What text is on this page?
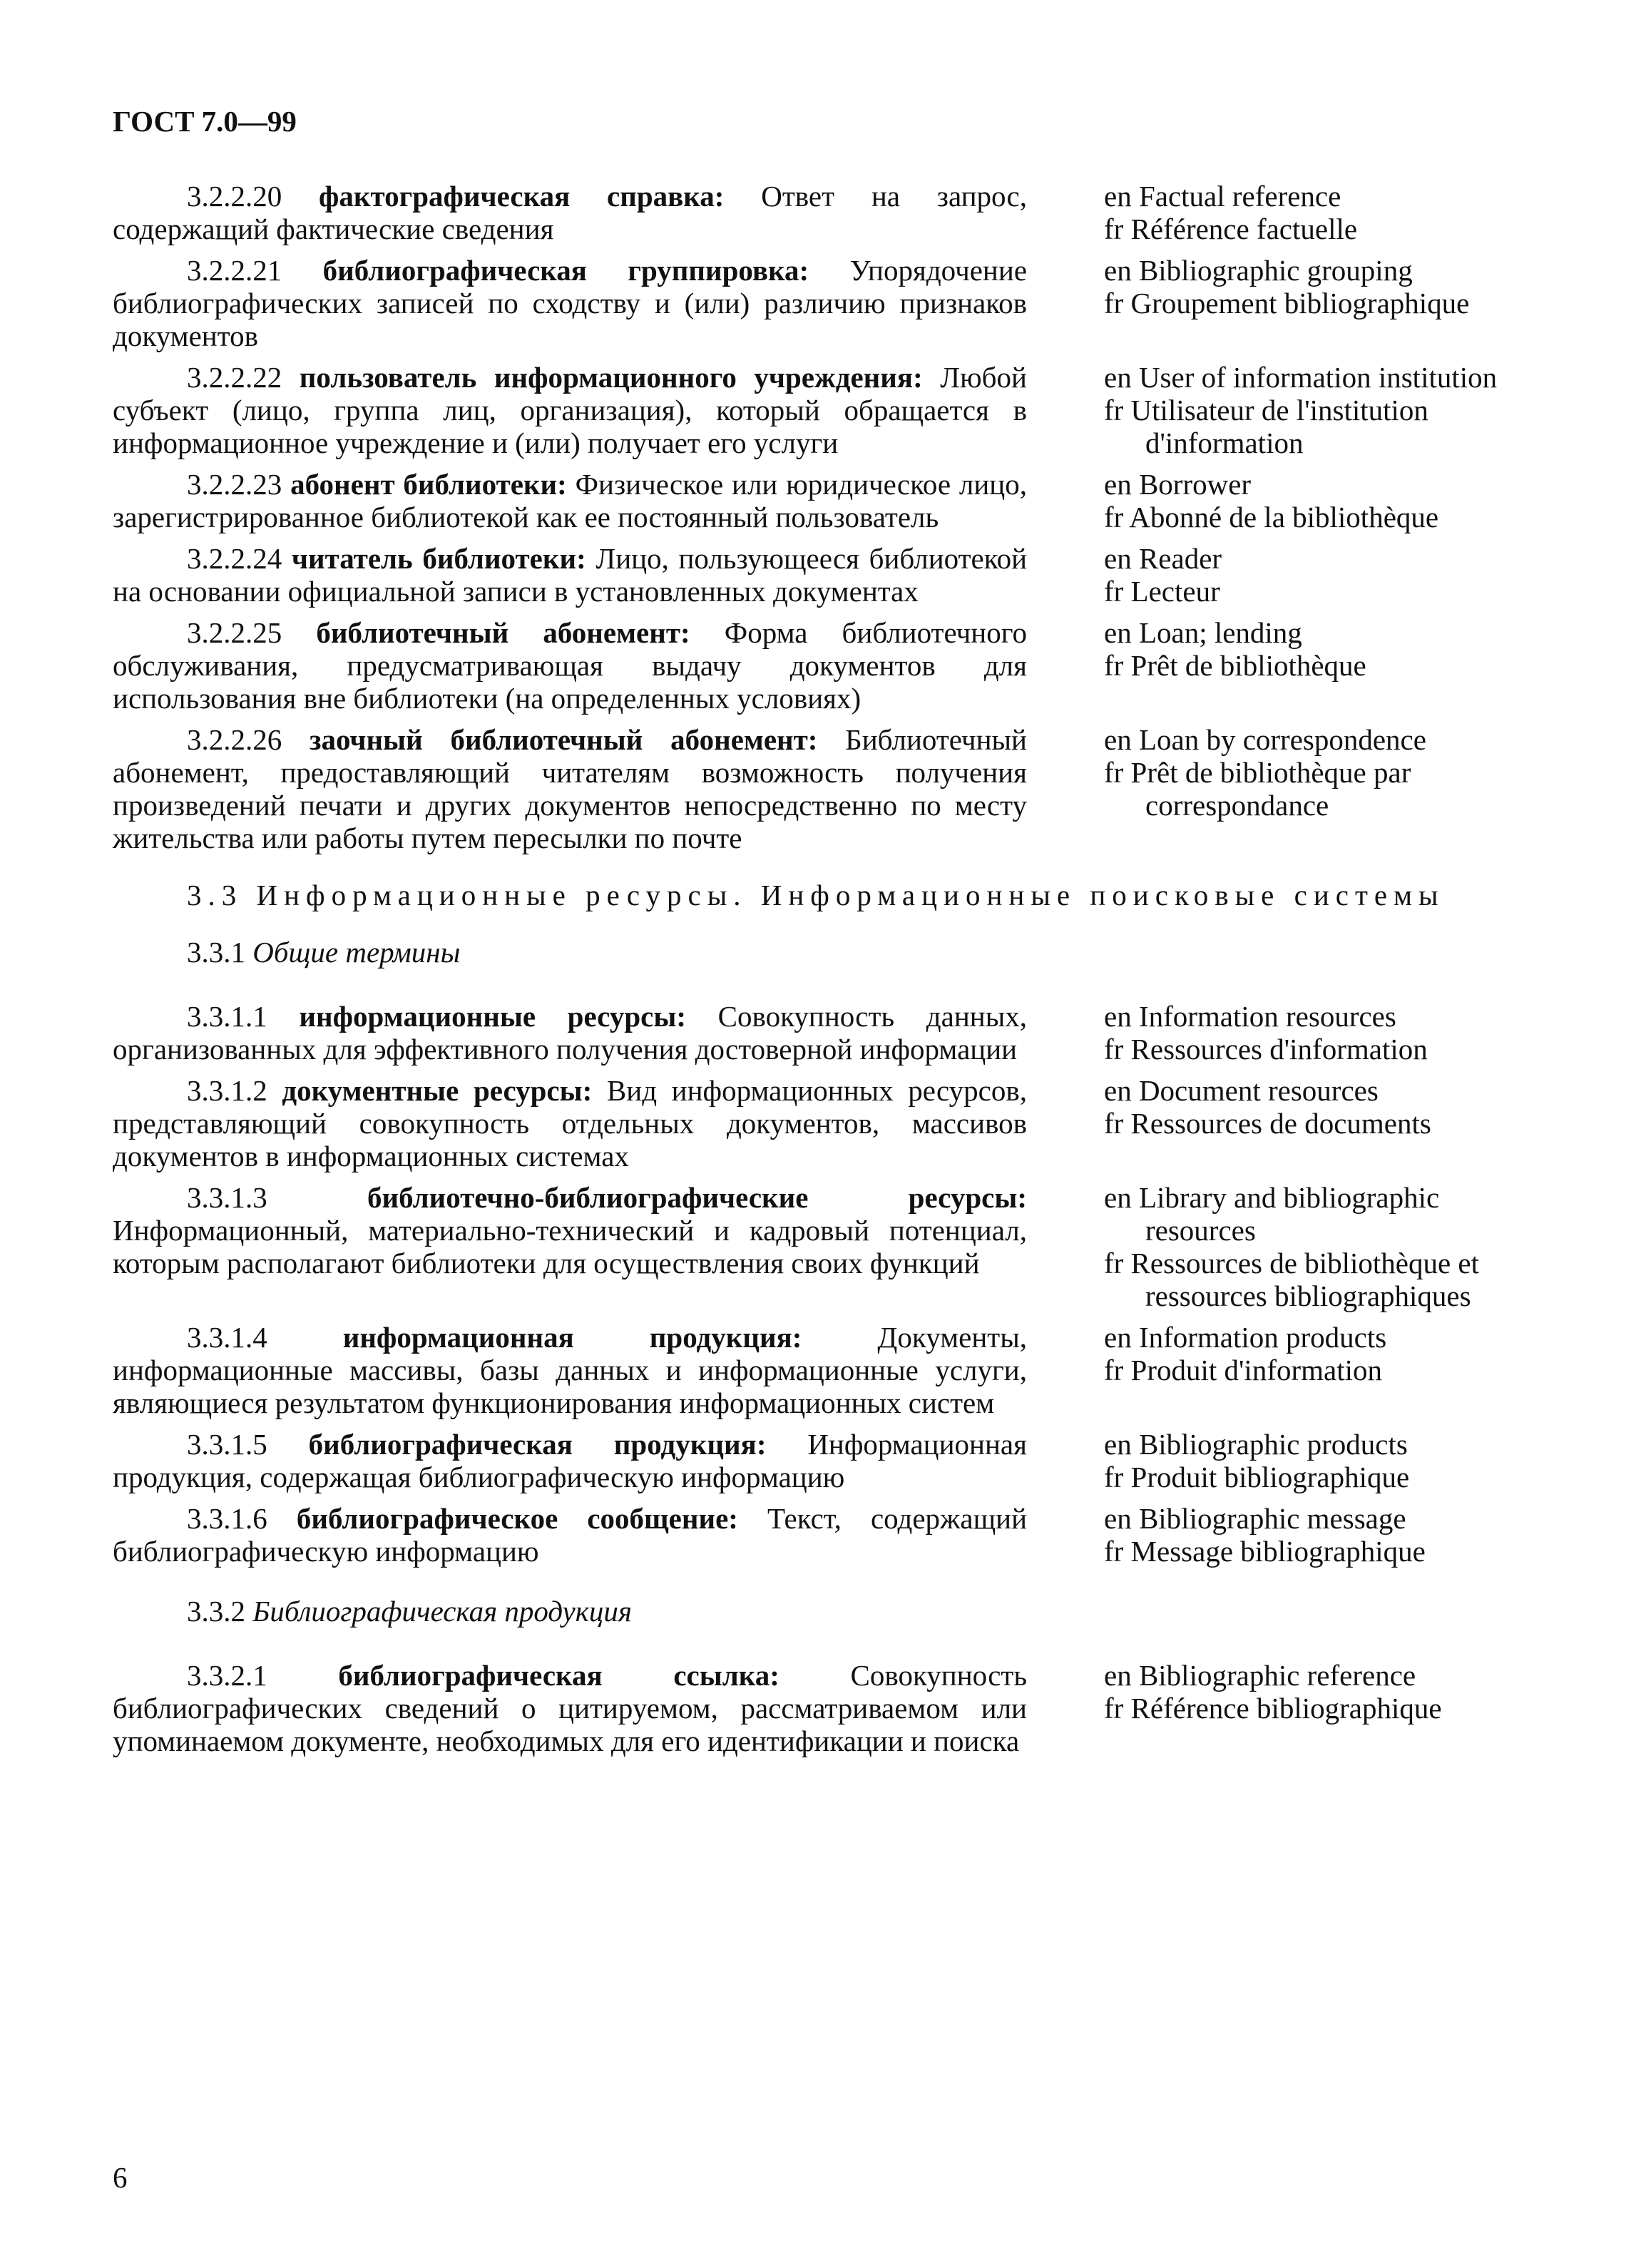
ГОСТ 7.0—99
3.2.2.20 фактографическая справка: Ответ на запрос, содержащий фактические сведения
en Factual reference
fr Référence factuelle
3.2.2.21 библиографическая группировка: Упорядочение библиографических записей по сходству и (или) различию признаков документов
en Bibliographic grouping
fr Groupement bibliographique
3.2.2.22 пользователь информационного учреждения: Любой субъект (лицо, группа лиц, организация), который обращается в информационное учреждение и (или) получает его услуги
en User of information institution
fr Utilisateur de l'institution d'information
3.2.2.23 абонент библиотеки: Физическое или юридическое лицо, зарегистрированное библиотекой как ее постоянный пользователь
en Borrower
fr Abonné de la bibliothèque
3.2.2.24 читатель библиотеки: Лицо, пользующееся библиотекой на основании официальной записи в установленных документах
en Reader
fr Lecteur
3.2.2.25 библиотечный абонемент: Форма библиотечного обслуживания, предусматривающая выдачу документов для использования вне библиотеки (на определенных условиях)
en Loan; lending
fr Prêt de bibliothèque
3.2.2.26 заочный библиотечный абонемент: Библиотечный абонемент, предоставляющий читателям возможность получения произведений печати и других документов непосредственно по месту жительства или работы путем пересылки по почте
en Loan by correspondence
fr Prêt de bibliothèque par correspondance
3.3 Информационные ресурсы. Информационные поисковые системы
3.3.1 Общие термины
3.3.1.1 информационные ресурсы: Совокупность данных, организованных для эффективного получения достоверной информации
en Information resources
fr Ressources d'information
3.3.1.2 документные ресурсы: Вид информационных ресурсов, представляющий совокупность отдельных документов, массивов документов в информационных системах
en Document resources
fr Ressources de documents
3.3.1.3	библиотечно-библиографические ресурсы: Информационный, материально-технический и кадровый потенциал, которым располагают библиотеки для осуществления своих функций
en Library and bibliographic resources
fr Ressources de bibliothèque et ressources bibliographiques
3.3.1.4	информационная продукция:	Документы, информационные массивы, базы данных и информационные услуги, являющиеся результатом функционирования информационных систем
en Information products
fr Produit d'information
3.3.1.5 библиографическая продукция: Информационная продукция, содержащая библиографическую информацию
en Bibliographic products
fr Produit bibliographique
3.3.1.6 библиографическое сообщение: Текст, содержащий библиографическую информацию
en Bibliographic message
fr Message bibliographique
3.3.2 Библиографическая продукция
3.3.2.1 библиографическая ссылка: Совокупность библиографических сведений о цитируемом, рассматриваемом или упоминаемом документе, необходимых для его идентификации и поиска
en Bibliographic reference
fr Référence bibliographique
6
